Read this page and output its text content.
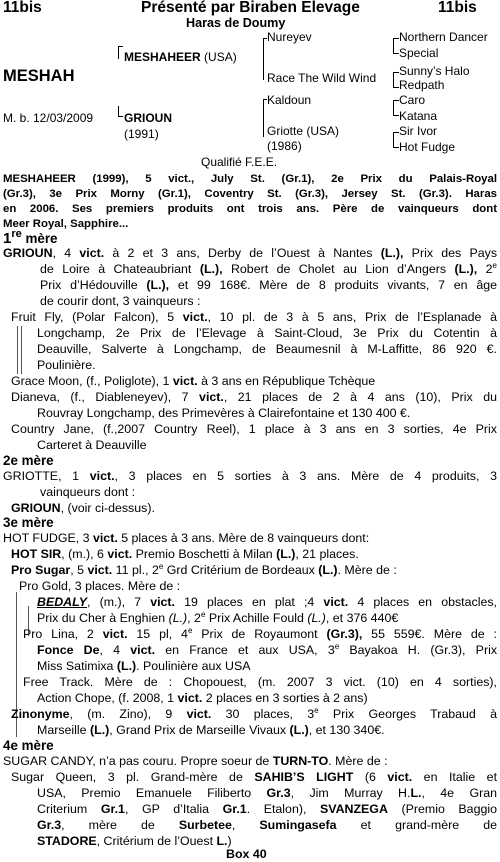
11bis	Présenté par Biraben Elevage	11bis
Haras de Doumy
MESHAH
M. b. 12/03/2009
MESHAHEER (USA)
GRIOUN
(1991)
Nureyev
Race The Wild Wind
Kaldoun
Griotte (USA)
(1986)
Northern Dancer
Special
Sunny’s Halo
Redpath
Caro
Katana
Sir Ivor
Hot Fudge
Qualifié F.E.E.
MESHAHEER (1999), 5 vict., July St. (Gr.1), 2e Prix du Palais-Royal
(Gr.3), 3e Prix Morny (Gr.1), Coventry St. (Gr.3), Jersey St. (Gr.3). Haras
en 2006. Ses premiers produits ont trois ans. Père de vainqueurs dont
Meer Royal, Sapphire...
1re mère
GRIOUN, 4 vict. à 2 et 3 ans, Derby de l’Ouest à Nantes (L.), Prix des Pays
de Loire à Chateaubriant (L.), Robert de Cholet au Lion d’Angers (L.), 2e
Prix d’Hédouville (L.), et 99 168€. Mère de 8 produits vivants, 7 en âge
de courir dont, 3 vainqueurs :
Fruit Fly, (Polar Falcon), 5 vict., 10 pl. de 3 à 5 ans, Prix de l’Esplanade à
Longchamp, 2e Prix de l’Elevage à Saint-Cloud, 3e Prix du Cotentin à
Deauville, Salverte à Longchamp, de Beaumesnil à M-Laffitte, 86 920 €.
Poulinière.
Grace Moon, (f., Poliglote), 1 vict. à 3 ans en République Tchèque
Dianeva, (f., Diableneyev), 7 vict., 21 places de 2 à 4 ans (10), Prix du
Rouvray Longchamp, des Primevères à Clairefontaine et 130 400 €.
Country Jane, (f.,2007 Country Reel), 1 place à 3 ans en 3 sorties, 4e Prix
Carteret à Deauville
2e mère
GRIOTTE, 1 vict., 3 places en 5 sorties à 3 ans. Mère de 4 produits, 3
vainqueurs dont :
GRIOUN, (voir ci-dessus).
3e mère
HOT FUDGE, 3 vict. 5 places à 3 ans. Mère de 8 vainqueurs dont:
HOT SIR, (m.), 6 vict. Premio Boschetti à Milan (L.), 21 places.
Pro Sugar, 5 vict. 11 pl., 2e Grd Critérium de Bordeaux (L.). Mère de :
Pro Gold, 3 places. Mère de :
BEDALY, (m.), 7 vict. 19 places en plat ;4 vict. 4 places en obstacles,
Prix du Cher à Enghien (L.), 2e Prix Achille Fould (L.), et 376 440€
Pro Lina, 2 vict. 15 pl, 4e Prix de Royaumont (Gr.3), 55 559€. Mère de :
Fonce De, 4 vict. en France et aux USA, 3e Bayakoa H. (Gr.3), Prix
Miss Satimixa (L.). Poulinière aux USA
Free Track. Mère de : Chopouest, (m. 2007 3 vict. (10) en 4 sorties),
Action Chope, (f. 2008, 1 vict. 2 places en 3 sorties à 2 ans)
Zinonyme, (m. Zino), 9 vict. 30 places, 3e Prix Georges Trabaud à
Marseille (L.), Grand Prix de Marseille Vivaux (L.), et 130 340€.
4e mère
SUGAR CANDY, n’a pas couru. Propre soeur de TURN-TO. Mère de :
Sugar Queen, 3 pl. Grand-mère de SAHIB’S LIGHT (6 vict. en Italie et
USA, Premio Emanuele Filiberto Gr.3, Jim Murray H.L., 4e Gran
Criterium Gr.1, GP d’Italia Gr.1. Etalon), SVANZEGA (Premio Baggio
Gr.3, mère de Surbetee, Sumingasefa et grand-mère de
STADORE, Critérium de l’Ouest L.)
Box 40
